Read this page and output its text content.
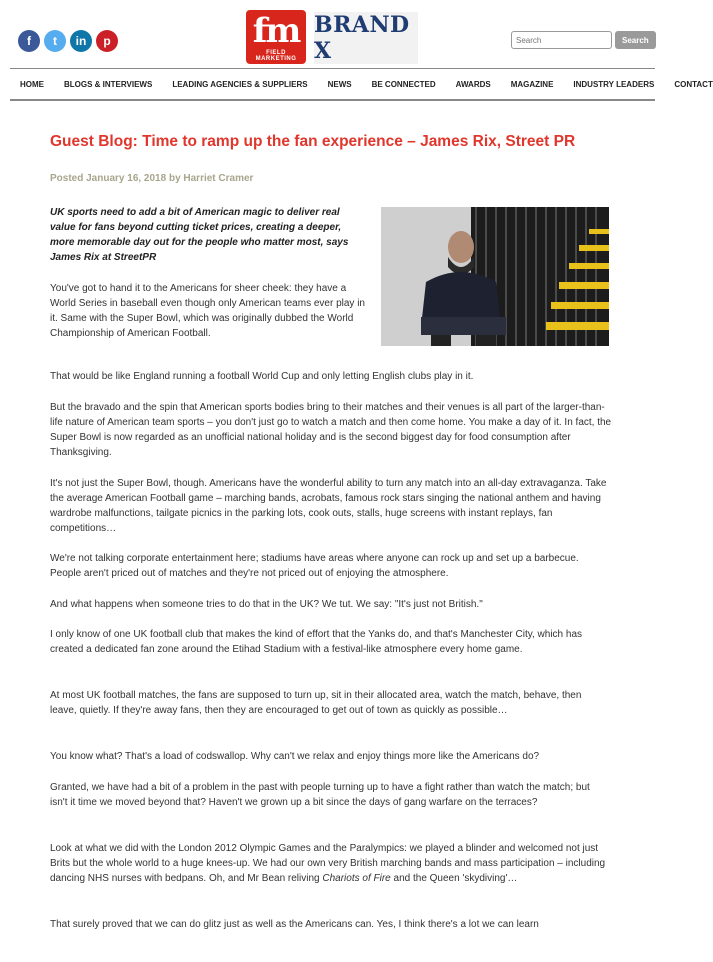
f	t	in	p	fm
FIELD MARKETING
BRAND X
Search	Search
HOME	BLOGS & INTERVIEWS	LEADING AGENCIES & SUPPLIERS	NEWS	BE CONNECTED	AWARDS	MAGAZINE	INDUSTRY LEADERS	CONTACT
Guest Blog: Time to ramp up the fan experience – James Rix, Street PR
Posted January 16, 2018 by Harriet Cramer

UK sports need to add a bit of American magic to deliver real value for fans beyond cutting ticket prices, creating a deeper, more memorable day out for the people who matter most, says James Rix at StreetPR

You've got to hand it to the Americans for sheer cheek: they have a World Series in baseball even though only American teams ever play in it. Same with the Super Bowl, which was originally dubbed the World Championship of American Football.

That would be like England running a football World Cup and only letting English clubs play in it.

But the bravado and the spin that American sports bodies bring to their matches and their venues is all part of the larger-than-life nature of American team sports – you don't just go to watch a match and then come home. You make a day of it. In fact, the Super Bowl is now regarded as an unofficial national holiday and is the second biggest day for food consumption after Thanksgiving.

It's not just the Super Bowl, though. Americans have the wonderful ability to turn any match into an all-day extravaganza. Take the average American Football game – marching bands, acrobats, famous rock stars singing the national anthem and having wardrobe malfunctions, tailgate picnics in the parking lots, cook outs, stalls, huge screens with instant replays, fan competitions…

We're not talking corporate entertainment here; stadiums have areas where anyone can rock up and set up a barbecue. People aren't priced out of matches and they're not priced out of enjoying the atmosphere.

And what happens when someone tries to do that in the UK? We tut. We say: "It's just not British."

I only know of one UK football club that makes the kind of effort that the Yanks do, and that's Manchester City, which has created a dedicated fan zone around the Etihad Stadium with a festival-like atmosphere every home game.

At most UK football matches, the fans are supposed to turn up, sit in their allocated area, watch the match, behave, then leave, quietly. If they're away fans, then they are encouraged to get out of town as quickly as possible…

You know what? That's a load of codswallop. Why can't we relax and enjoy things more like the Americans do?

Granted, we have had a bit of a problem in the past with people turning up to have a fight rather than watch the match; but isn't it time we moved beyond that? Haven't we grown up a bit since the days of gang warfare on the terraces?

Look at what we did with the London 2012 Olympic Games and the Paralympics: we played a blinder and welcomed not just Brits but the whole world to a huge knees-up. We had our own very British marching bands and mass participation – including dancing NHS nurses with bedpans. Oh, and Mr Bean reliving Chariots of Fire and the Queen 'skydiving'…

That surely proved that we can do glitz just as well as the Americans can. Yes, I think there's a lot we can learn
